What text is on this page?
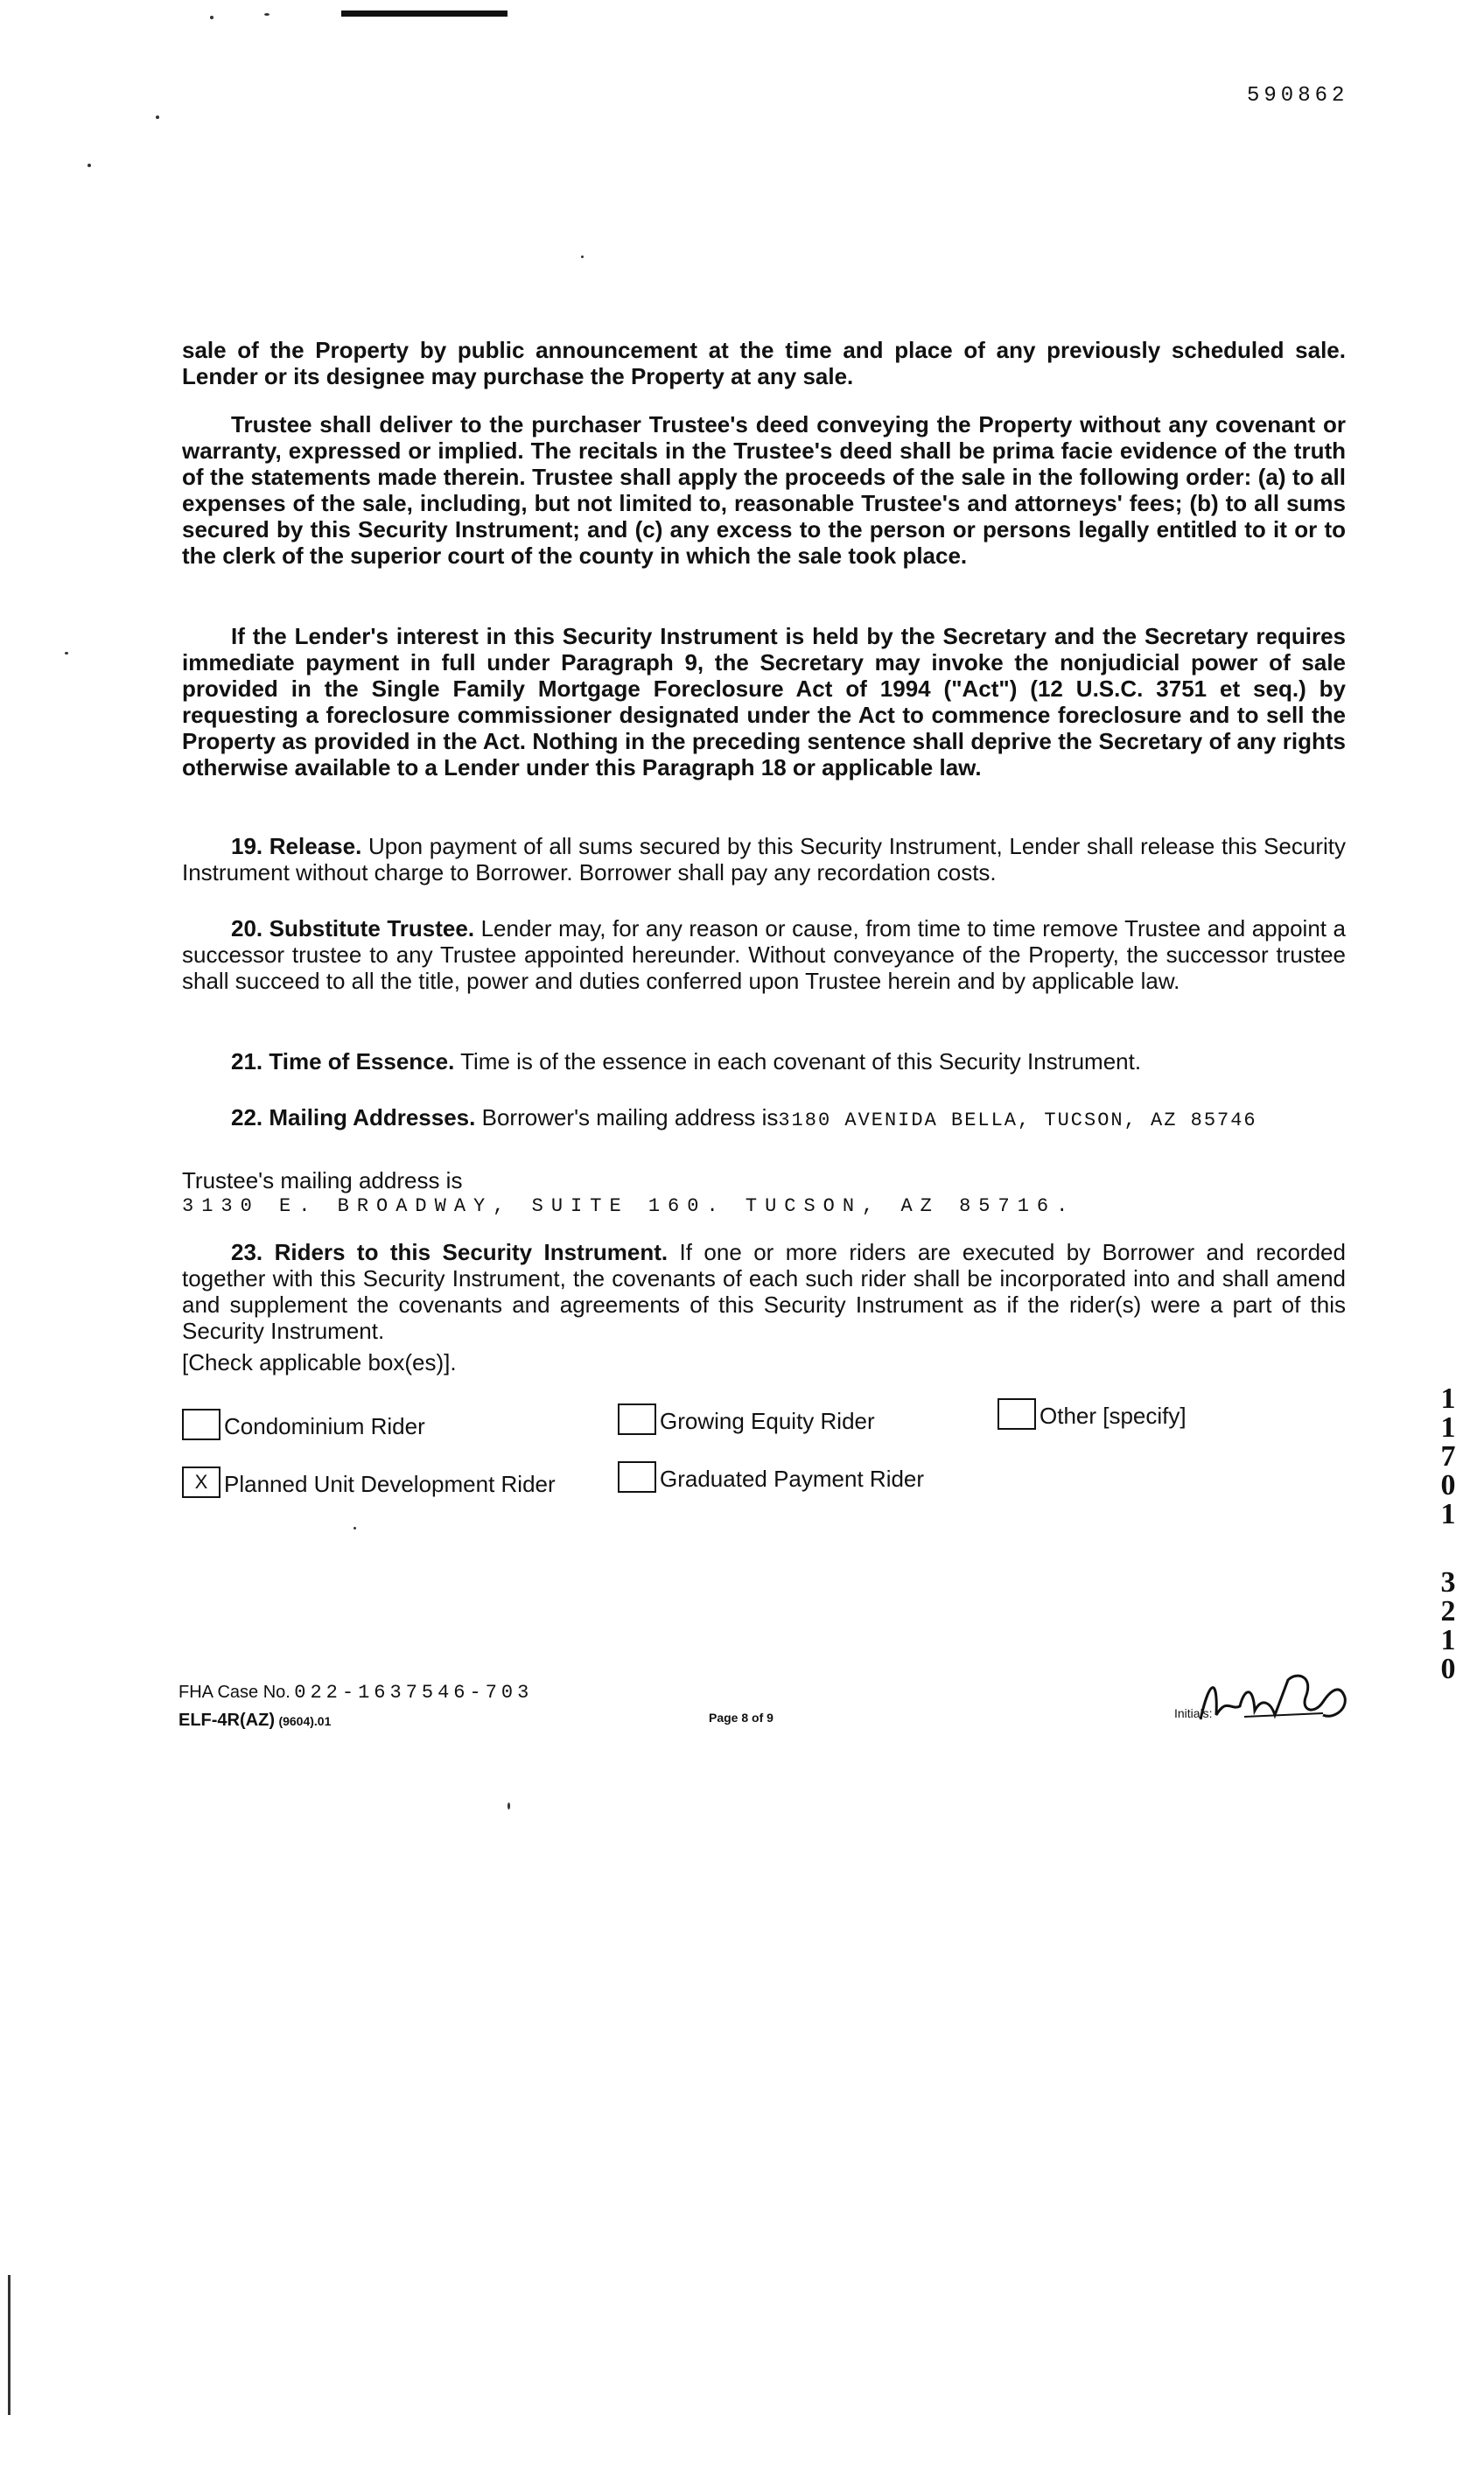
590862

sale of the Property by public announcement at the time and place of any previously scheduled sale. Lender or its designee may purchase the Property at any sale.

Trustee shall deliver to the purchaser Trustee's deed conveying the Property without any covenant or warranty, expressed or implied. The recitals in the Trustee's deed shall be prima facie evidence of the truth of the statements made therein. Trustee shall apply the proceeds of the sale in the following order: (a) to all expenses of the sale, including, but not limited to, reasonable Trustee's and attorneys' fees; (b) to all sums secured by this Security Instrument; and (c) any excess to the person or persons legally entitled to it or to the clerk of the superior court of the county in which the sale took place.

If the Lender's interest in this Security Instrument is held by the Secretary and the Secretary requires immediate payment in full under Paragraph 9, the Secretary may invoke the nonjudicial power of sale provided in the Single Family Mortgage Foreclosure Act of 1994 ("Act") (12 U.S.C. 3751 et seq.) by requesting a foreclosure commissioner designated under the Act to commence foreclosure and to sell the Property as provided in the Act. Nothing in the preceding sentence shall deprive the Secretary of any rights otherwise available to a Lender under this Paragraph 18 or applicable law.

19. Release. Upon payment of all sums secured by this Security Instrument, Lender shall release this Security Instrument without charge to Borrower. Borrower shall pay any recordation costs.

20. Substitute Trustee. Lender may, for any reason or cause, from time to time remove Trustee and appoint a successor trustee to any Trustee appointed hereunder. Without conveyance of the Property, the successor trustee shall succeed to all the title, power and duties conferred upon Trustee herein and by applicable law.

21. Time of Essence. Time is of the essence in each covenant of this Security Instrument.

22. Mailing Addresses. Borrower's mailing address is3180 AVENIDA BELLA, TUCSON, AZ 85746

Trustee's mailing address is
3130 E. BROADWAY, SUITE 160. TUCSON, AZ 85716.

23. Riders to this Security Instrument. If one or more riders are executed by Borrower and recorded together with this Security Instrument, the covenants of each such rider shall be incorporated into and shall amend and supplement the covenants and agreements of this Security Instrument as if the rider(s) were a part of this Security Instrument.

[Check applicable box(es)].
Condominium Rider	Growing Equity Rider	Other [specify]
X Planned Unit Development Rider	Graduated Payment Rider
FHA Case No. 022-1637546-703
ELF-4R(AZ) (9604).01	Page 8 of 9	Initials:
1
1
7
0
1
3
2
1
0
